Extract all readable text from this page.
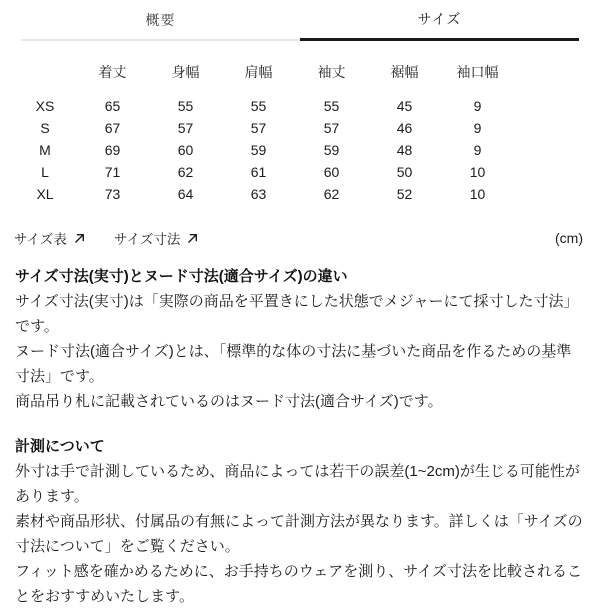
概要	サイズ
着丈	身幅	肩幅	袖丈	裾幅	袖口幅
XS	65	55	55	55	45	9
S	67	57	57	57	46	9
M	69	60	59	59	48	9
L	71	62	61	60	50	10
XL	73	64	63	62	52	10
サイズ表	サイズ寸法	(cm)
サイズ寸法(実寸)とヌード寸法(適合サイズ)の違い

サイズ寸法(実寸)は「実際の商品を平置きにした状態でメジャーにて採寸した寸法」です。

ヌード寸法(適合サイズ)とは、「標準的な体の寸法に基づいた商品を作るための基準寸法」です。

商品吊り札に記載されているのはヌード寸法(適合サイズ)です。

計測について

外寸は手で計測しているため、商品によっては若干の誤差(1~2cm)が生じる可能性があります。

素材や商品形状、付属品の有無によって計測方法が異なります。詳しくは「サイズの寸法について」をご覧ください。

フィット感を確かめるために、お手持ちのウェアを測り、サイズ寸法を比較されることをおすすめいたします。
